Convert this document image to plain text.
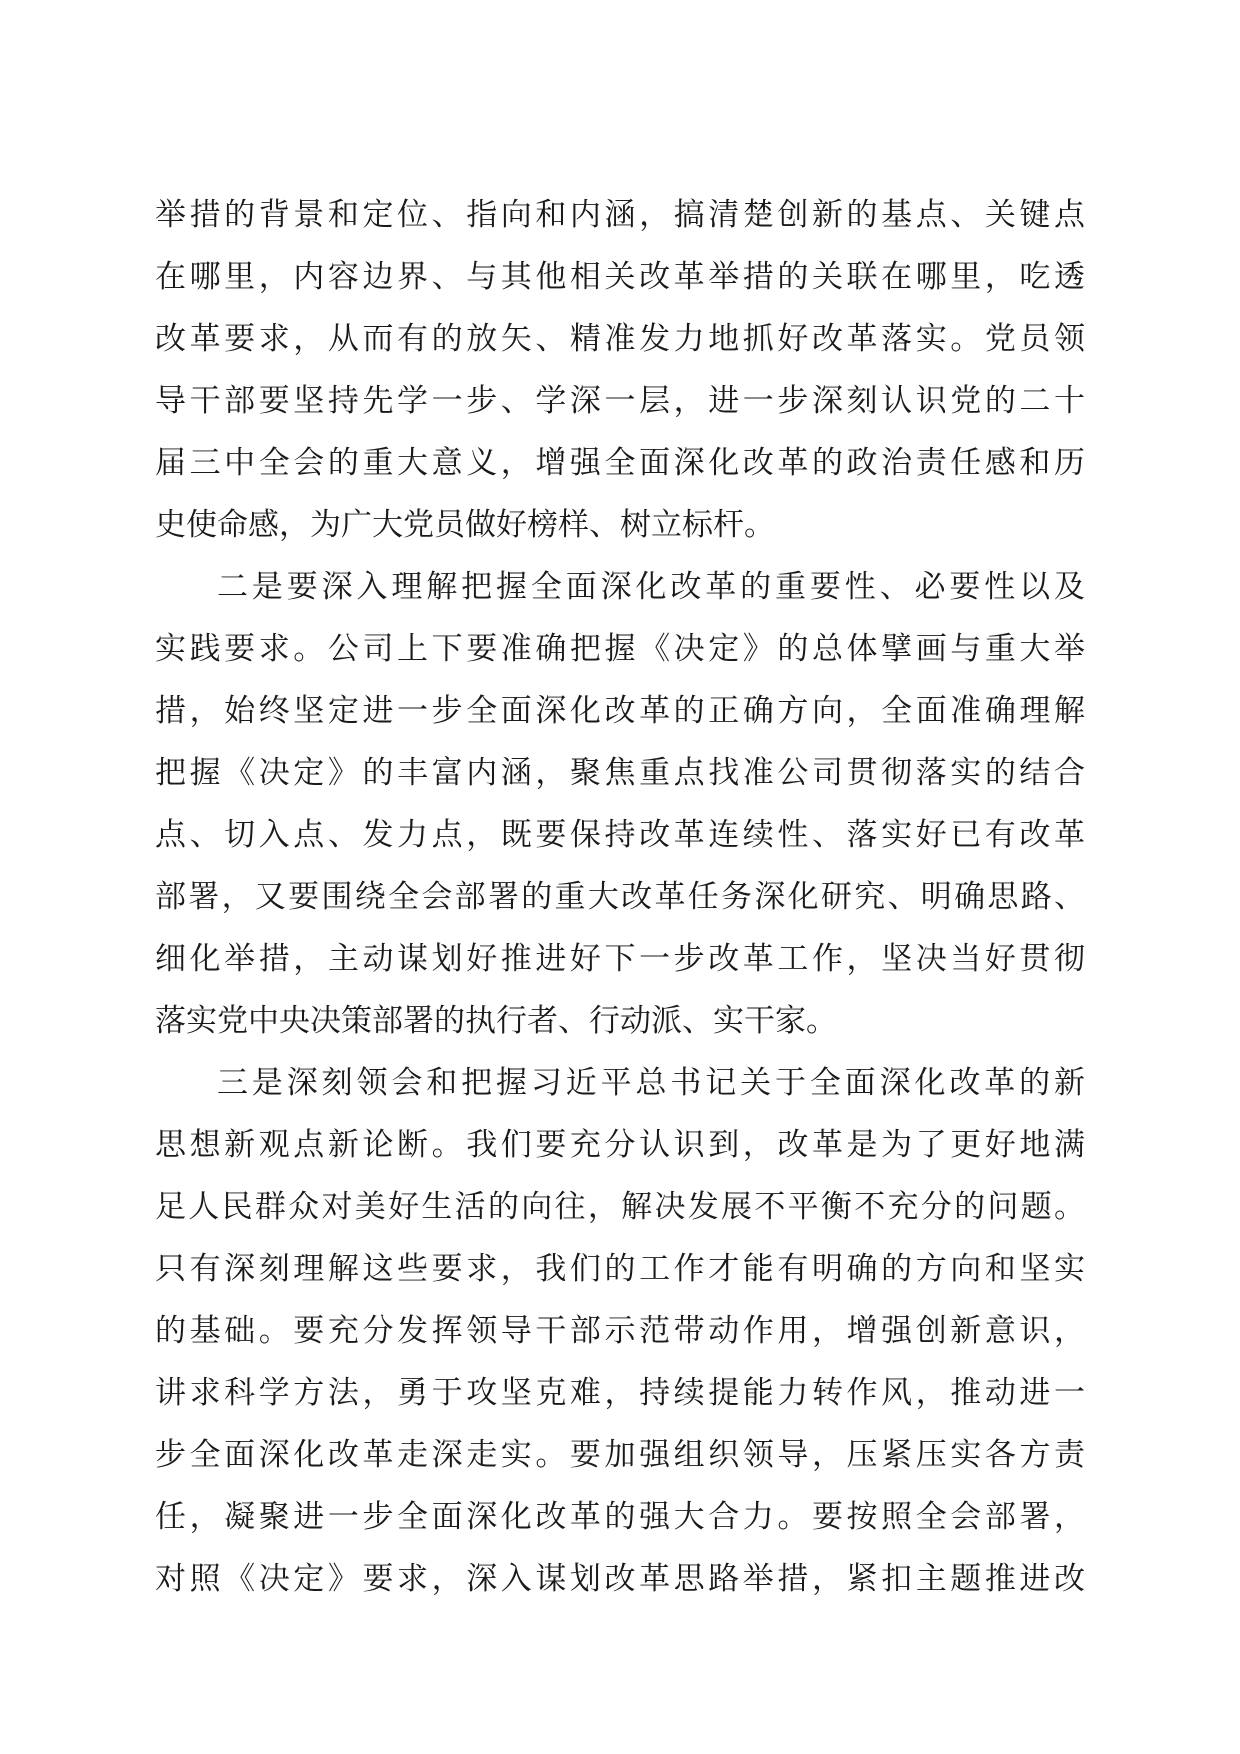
举措的背景和定位、指向和内涵，搞清楚创新的基点、关键点
在哪里，内容边界、与其他相关改革举措的关联在哪里，吃透
改革要求，从而有的放矢、精准发力地抓好改革落实。党员领
导干部要坚持先学一步、学深一层，进一步深刻认识党的二十
届三中全会的重大意义，增强全面深化改革的政治责任感和历
史使命感，为广大党员做好榜样、树立标杆。
二是要深入理解把握全面深化改革的重要性、必要性以及
实践要求。公司上下要准确把握《决定》的总体擘画与重大举
措，始终坚定进一步全面深化改革的正确方向，全面准确理解
把握《决定》的丰富内涵，聚焦重点找准公司贯彻落实的结合
点、切入点、发力点，既要保持改革连续性、落实好已有改革
部署，又要围绕全会部署的重大改革任务深化研究、明确思路、
细化举措，主动谋划好推进好下一步改革工作，坚决当好贯彻
落实党中央决策部署的执行者、行动派、实干家。
三是深刻领会和把握习近平总书记关于全面深化改革的新
思想新观点新论断。我们要充分认识到，改革是为了更好地满
足人民群众对美好生活的向往，解决发展不平衡不充分的问题。
只有深刻理解这些要求，我们的工作才能有明确的方向和坚实
的基础。要充分发挥领导干部示范带动作用，增强创新意识，
讲求科学方法，勇于攻坚克难，持续提能力转作风，推动进一
步全面深化改革走深走实。要加强组织领导，压紧压实各方责
任，凝聚进一步全面深化改革的强大合力。要按照全会部署，
对照《决定》要求，深入谋划改革思路举措，紧扣主题推进改
